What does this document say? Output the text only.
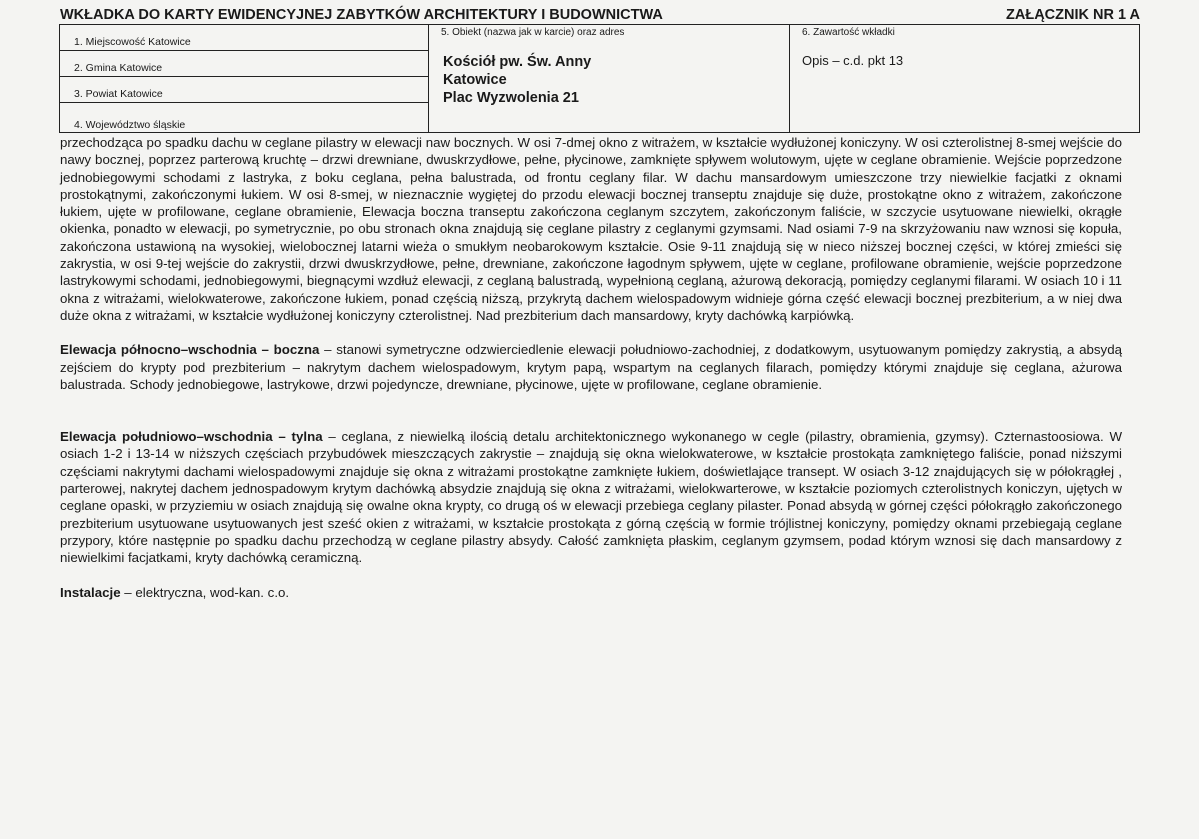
WKŁADKA DO KARTY EWIDENCYJNEJ ZABYTKÓW ARCHITEKTURY I BUDOWNICTWA	ZAŁĄCZNIK NR 1 A
1. Miejscowość Katowice
2. Gmina Katowice
3. Powiat Katowice
4. Województwo śląskie
5. Obiekt (nazwa jak w karcie) oraz adres
Kościół pw. Św. Anny
Katowice
Plac Wyzwolenia 21
6. Zawartość wkładki
Opis – c.d. pkt 13

przechodząca po spadku dachu w ceglane pilastry w elewacji naw bocznych. W osi 7-dmej okno z witrażem, w kształcie wydłużonej koniczyny. W osi czterolistnej 8-smej wejście do nawy bocznej, poprzez parterową kruchtę – drzwi drewniane, dwuskrzydłowe, pełne, płycinowe, zamknięte spływem wolutowym, ujęte w ceglane obramienie. Wejście poprzedzone jednobiegowymi schodami z lastryka, z boku ceglana, pełna balustrada, od frontu ceglany filar. W dachu mansardowym umieszczone trzy niewielkie facjatki z oknami prostokątnymi, zakończonymi łukiem. W osi 8-smej, w nieznacznie wygiętej do przodu elewacji bocznej transeptu znajduje się duże, prostokątne okno z witrażem, zakończone łukiem, ujęte w profilowane, ceglane obramienie, Elewacja boczna transeptu zakończona ceglanym szczytem, zakończonym faliście, w szczycie usytuowane niewielki, okrągłe okienka, ponadto w elewacji, po symetrycznie, po obu stronach okna znajdują się ceglane pilastry z ceglanymi gzymsami. Nad osiami 7-9 na skrzyżowaniu naw wznosi się kopuła, zakończona ustawioną na wysokiej, wielobocznej latarni wieża o smukłym neobarokowym kształcie. Osie 9-11 znajdują się w nieco niższej bocznej części, w której zmieści się zakrystia, w osi 9-tej wejście do zakrystii, drzwi dwuskrzydłowe, pełne, drewniane, zakończone łagodnym spływem, ujęte w ceglane, profilowane obramienie, wejście poprzedzone lastrykowymi schodami, jednobiegowymi, biegnącymi wzdłuż elewacji, z ceglaną balustradą, wypełnioną ceglaną, ażurową dekoracją, pomiędzy ceglanymi filarami. W osiach 10 i 11 okna z witrażami, wielokwaterowe, zakończone łukiem, ponad częścią niższą, przykrytą dachem wielospadowym widnieje górna część elewacji bocznej prezbiterium, a w niej dwa duże okna z witrażami, w kształcie wydłużonej koniczyny czterolistnej. Nad prezbiterium dach mansardowy, kryty dachówką karpiówką.

Elewacja północno–wschodnia – boczna – stanowi symetryczne odzwierciedlenie elewacji południowo-zachodniej, z dodatkowym, usytuowanym pomiędzy zakrystią, a absydą zejściem do krypty pod prezbiterium – nakrytym dachem wielospadowym, krytym papą, wspartym na ceglanych filarach, pomiędzy którymi znajduje się ceglana, ażurowa balustrada. Schody jednobiegowe, lastrykowe, drzwi pojedyncze, drewniane, płycinowe, ujęte w profilowane, ceglane obramienie.

Elewacja południowo–wschodnia – tylna – ceglana, z niewielką ilością detalu architektonicznego wykonanego w cegle (pilastry, obramienia, gzymsy). Czternastoosiowa. W osiach 1-2 i 13-14 w niższych częściach przybudówek mieszczących zakrystie – znajdują się okna wielokwaterowe, w kształcie prostokąta zamkniętego faliście, ponad niższymi częściami nakrytymi dachami wielospadowymi znajduje się okna z witrażami prostokątne zamknięte łukiem, doświetlające transept. W osiach 3-12 znajdujących się w półokrągłej , parterowej, nakrytej dachem jednospadowym krytym dachówką absydzie znajdują się okna z witrażami, wielokwarterowe, w kształcie poziomych czterolistnych koniczyn, ujętych w ceglane opaski, w przyziemiu w osiach znajdują się owalne okna krypty, co drugą oś w elewacji przebiega ceglany pilaster. Ponad absydą w górnej części półokrągło zakończonego prezbiterium usytuowane usytuowanych jest sześć okien z witrażami, w kształcie prostokąta z górną częścią w formie trójlistnej koniczyny, pomiędzy oknami przebiegają ceglane przypory, które następnie po spadku dachu przechodzą w ceglane pilastry absydy. Całość zamknięta płaskim, ceglanym gzymsem, podad którym wznosi się dach mansardowy z niewielkimi facjatkami, kryty dachówką ceramiczną.

Instalacje – elektryczna, wod-kan. c.o.
